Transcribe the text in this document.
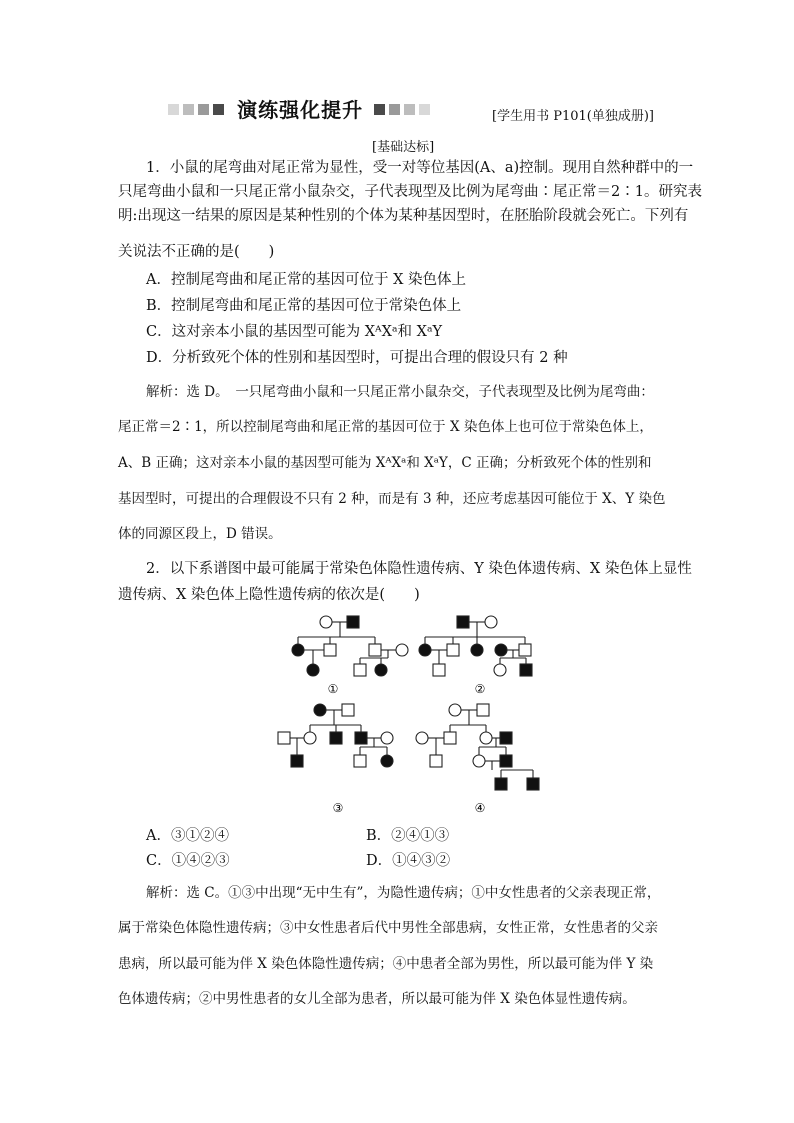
演练强化提升	[学生用书 P101(单独成册)]
[基础达标]
1．小鼠的尾弯曲对尾正常为显性，受一对等位基因(A、a)控制。现用自然种群中的一
只尾弯曲小鼠和一只尾正常小鼠杂交，子代表现型及比例为尾弯曲∶尾正常＝2∶1。研究表
明:出现这一结果的原因是某种性别的个体为某种基因型时，在胚胎阶段就会死亡。下列有
关说法不正确的是(　　)
A．控制尾弯曲和尾正常的基因可位于 X 染色体上
B．控制尾弯曲和尾正常的基因可位于常染色体上
C．这对亲本小鼠的基因型可能为 XᴬXᵃ和 XᵃY
D．分析致死个体的性别和基因型时，可提出合理的假设只有 2 种
解析：选 D。　一只尾弯曲小鼠和一只尾正常小鼠杂交，子代表现型及比例为尾弯曲：
尾正常＝2∶1，所以控制尾弯曲和尾正常的基因可位于 X 染色体上也可位于常染色体上，
A、B 正确；这对亲本小鼠的基因型可能为 XᴬXᵃ和 XᵃY，C 正确；分析致死个体的性别和
基因型时，可提出的合理假设不只有 2 种，而是有 3 种，还应考虑基因可能位于 X、Y 染色
体的同源区段上，D 错误。
2．以下系谱图中最可能属于常染色体隐性遗传病、Y 染色体遗传病、X 染色体上显性
遗传病、X 染色体上隐性遗传病的依次是(　　)
①	②
③	④
A．③①②④	B．②④①③
C．①④②③	D．①④③②
解析：选 C。①③中出现“无中生有”，为隐性遗传病；①中女性患者的父亲表现正常，
属于常染色体隐性遗传病；③中女性患者后代中男性全部患病，女性正常，女性患者的父亲
患病，所以最可能为伴 X 染色体隐性遗传病；④中患者全部为男性，所以最可能为伴 Y 染
色体遗传病；②中男性患者的女儿全部为患者，所以最可能为伴 X 染色体显性遗传病。
